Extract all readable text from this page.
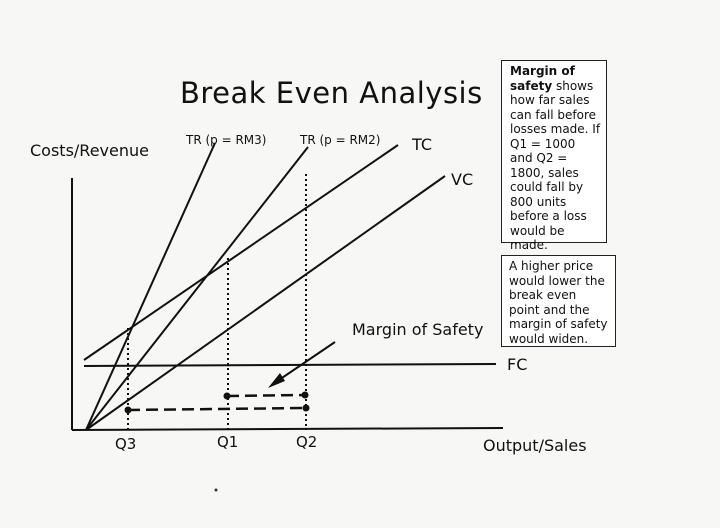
Break Even Analysis
Costs/Revenue
Output/Sales
TR (p = RM3)	TR (p = RM2) TC
VC
FC
Q3	Q1	Q2
Margin of Safety
Margin of safety shows how far sales can fall before losses made. If Q1 = 1000 and Q2 = 1800, sales could fall by 800 units before a loss would be made.
A higher price would lower the break even point and the margin of safety would widen.
